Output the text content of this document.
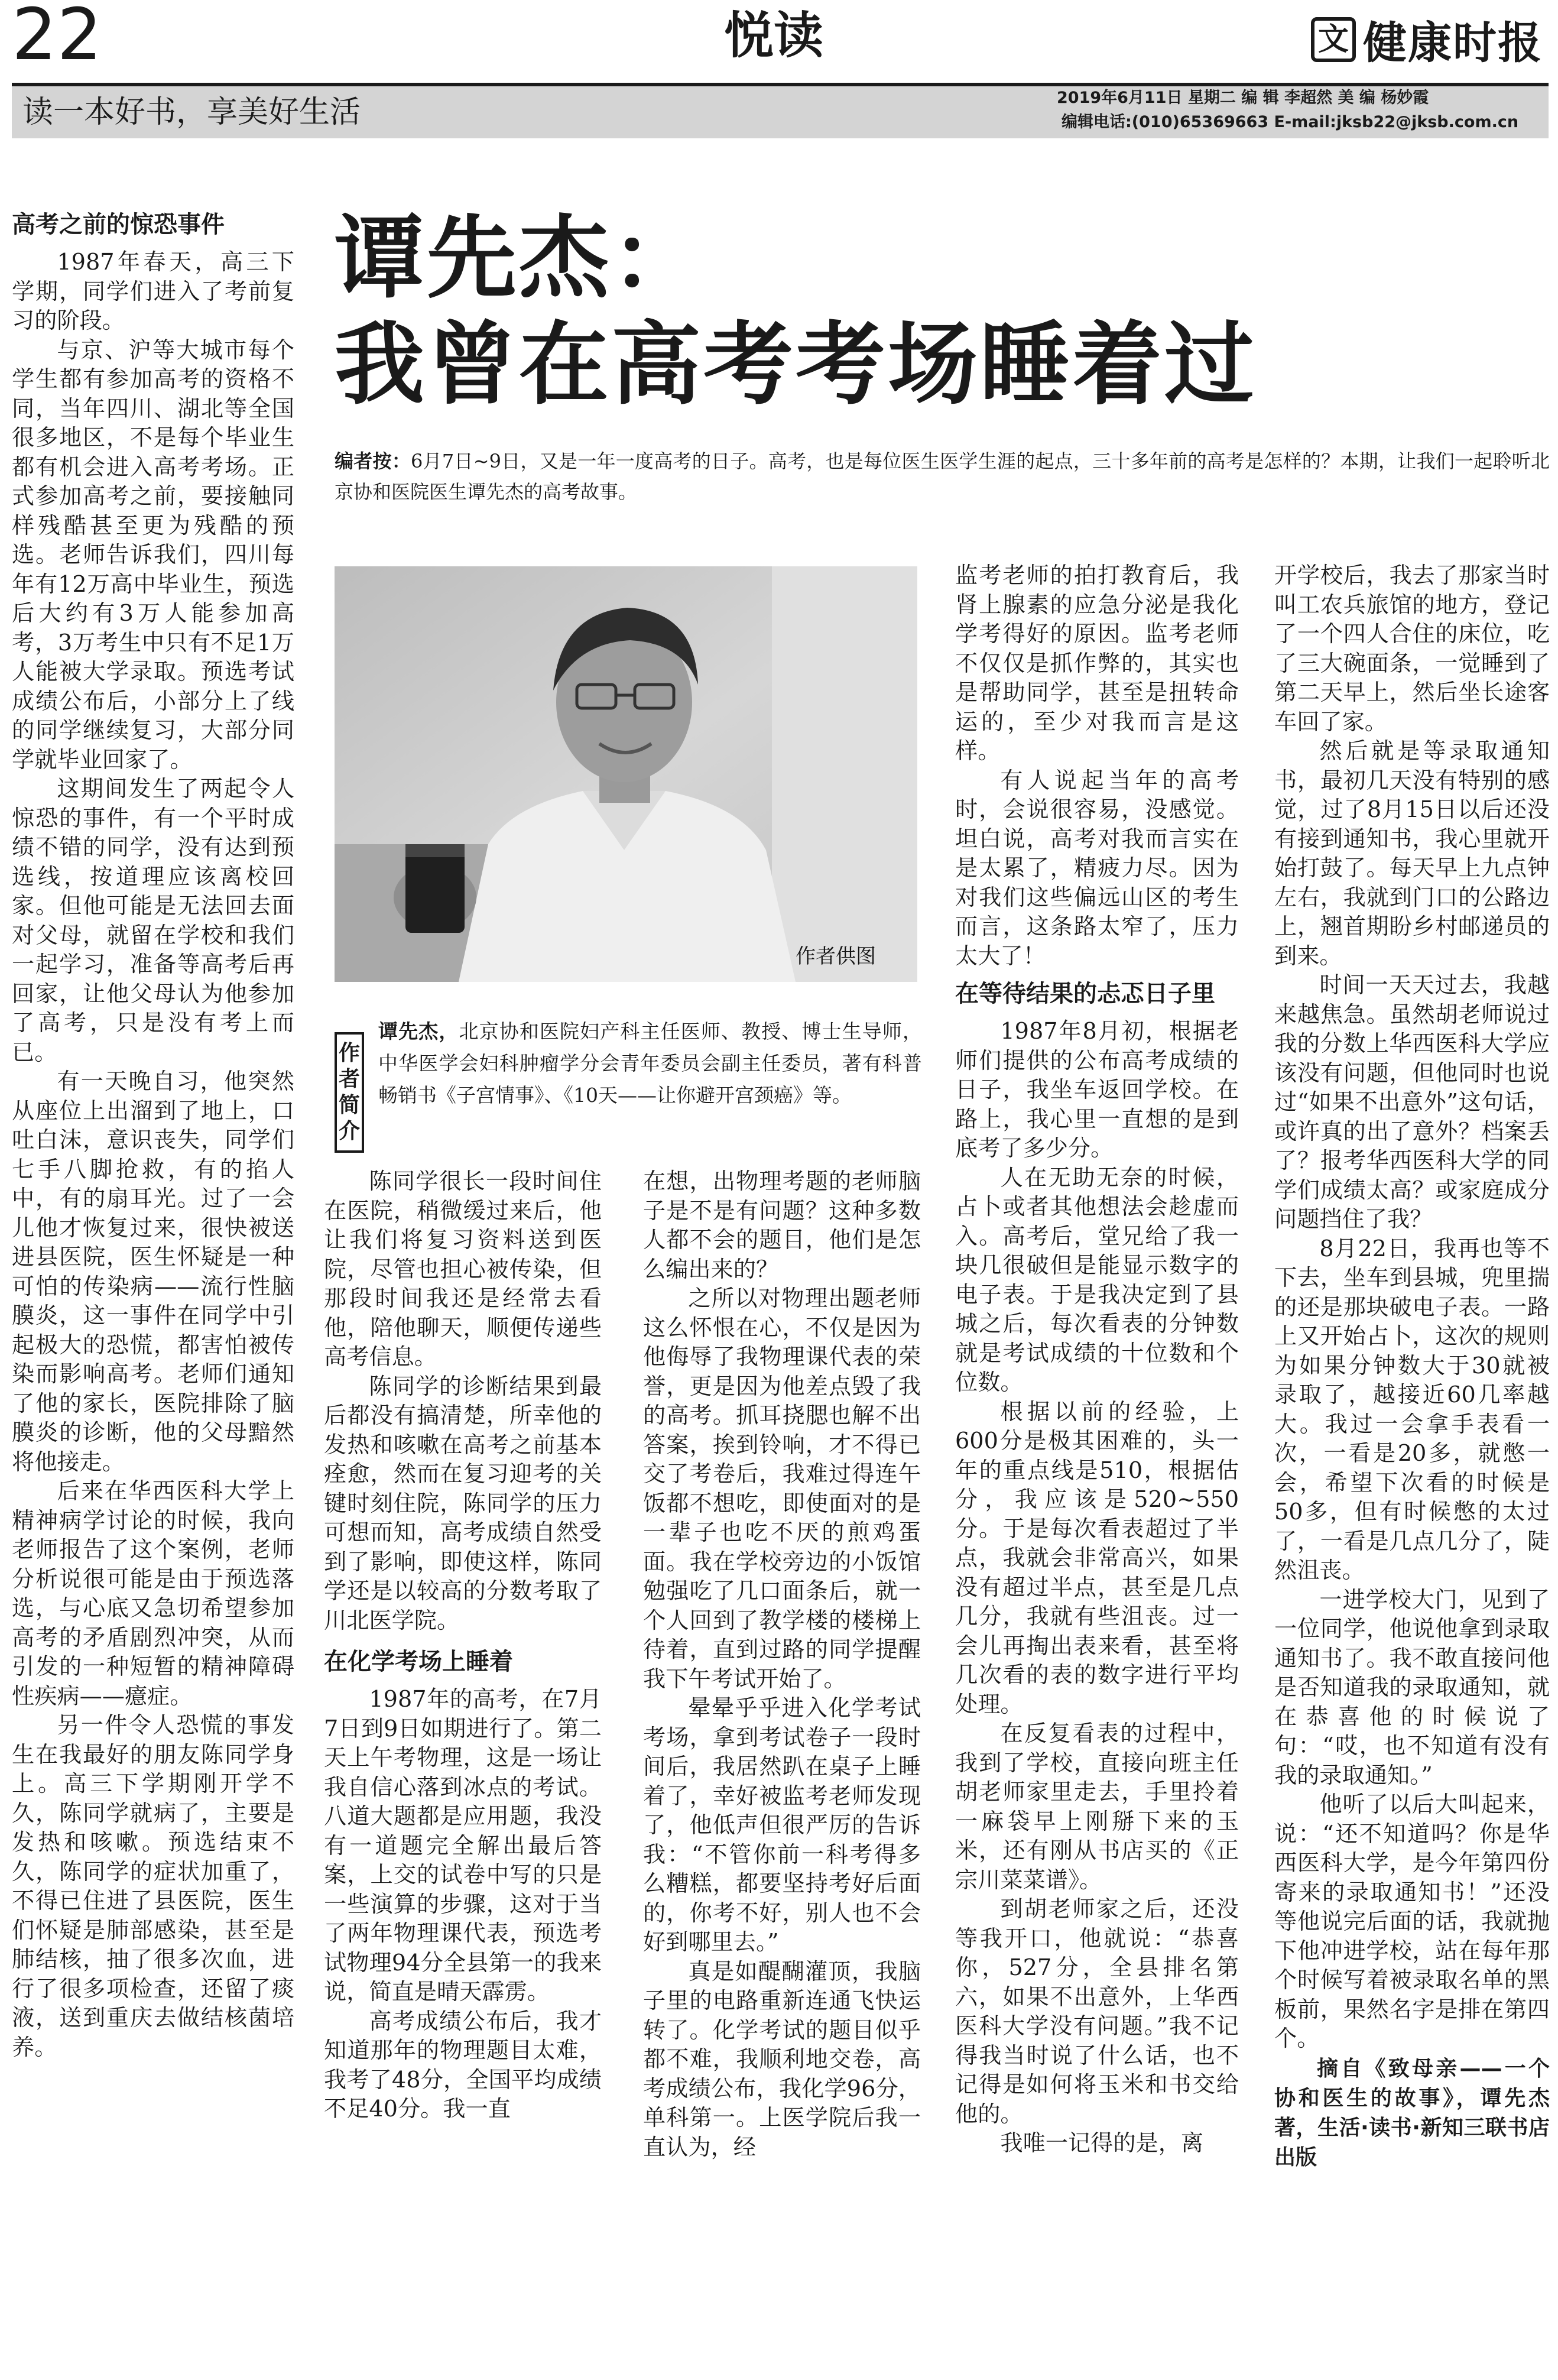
22	悦读	文 健康时报
读一本好书，享美好生活	2019年6月11日 星期二 编 辑 李超然 美 编 杨妙霞
编辑电话:(010)65369663 E-mail:jksb22@jksb.com.cn
高考之前的惊恐事件

1987年春天，高三下学期，同学们进入了考前复习的阶段。

与京、沪等大城市每个学生都有参加高考的资格不同，当年四川、湖北等全国很多地区，不是每个毕业生都有机会进入高考考场。正式参加高考之前，要接触同样残酷甚至更为残酷的预选。老师告诉我们，四川每年有12万高中毕业生，预选后大约有3万人能参加高考，3万考生中只有不足1万人能被大学录取。预选考试成绩公布后，小部分上了线的同学继续复习，大部分同学就毕业回家了。

这期间发生了两起令人惊恐的事件，有一个平时成绩不错的同学，没有达到预选线，按道理应该离校回家。但他可能是无法回去面对父母，就留在学校和我们一起学习，准备等高考后再回家，让他父母认为他参加了高考，只是没有考上而已。

有一天晚自习，他突然从座位上出溜到了地上，口吐白沫，意识丧失，同学们七手八脚抢救，有的掐人中，有的扇耳光。过了一会儿他才恢复过来，很快被送进县医院，医生怀疑是一种可怕的传染病——流行性脑膜炎，这一事件在同学中引起极大的恐慌，都害怕被传染而影响高考。老师们通知了他的家长，医院排除了脑膜炎的诊断，他的父母黯然将他接走。

后来在华西医科大学上精神病学讨论的时候，我向老师报告了这个案例，老师分析说很可能是由于预选落选，与心底又急切希望参加高考的矛盾剧烈冲突，从而引发的一种短暂的精神障碍性疾病——癔症。

另一件令人恐慌的事发生在我最好的朋友陈同学身上。高三下学期刚开学不久，陈同学就病了，主要是发热和咳嗽。预选结束不久，陈同学的症状加重了，不得已住进了县医院，医生们怀疑是肺部感染，甚至是肺结核，抽了很多次血，进行了很多项检查，还留了痰液，送到重庆去做结核菌培养。

谭先杰：
我曾在高考考场睡着过
编者按：6月7日~9日，又是一年一度高考的日子。高考，也是每位医生医学生涯的起点，三十多年前的高考是怎样的？本期，让我们一起聆听北京协和医院医生谭先杰的高考故事。
作者供图
作者简介
谭先杰，北京协和医院妇产科主任医师、教授、博士生导师，中华医学会妇科肿瘤学分会青年委员会副主任委员，著有科普畅销书《子宫情事》、《10天——让你避开宫颈癌》等。

陈同学很长一段时间住在医院，稍微缓过来后，他让我们将复习资料送到医院，尽管也担心被传染，但那段时间我还是经常去看他，陪他聊天，顺便传递些高考信息。

陈同学的诊断结果到最后都没有搞清楚，所幸他的发热和咳嗽在高考之前基本痊愈，然而在复习迎考的关键时刻住院，陈同学的压力可想而知，高考成绩自然受到了影响，即使这样，陈同学还是以较高的分数考取了川北医学院。

在化学考场上睡着

1987年的高考，在7月7日到9日如期进行了。第二天上午考物理，这是一场让我自信心落到冰点的考试。八道大题都是应用题，我没有一道题完全解出最后答案，上交的试卷中写的只是一些演算的步骤，这对于当了两年物理课代表，预选考试物理94分全县第一的我来说，简直是晴天霹雳。

高考成绩公布后，我才知道那年的物理题目太难，我考了48分，全国平均成绩不足40分。我一直

在想，出物理考题的老师脑子是不是有问题？这种多数人都不会的题目，他们是怎么编出来的？

之所以对物理出题老师这么怀恨在心，不仅是因为他侮辱了我物理课代表的荣誉，更是因为他差点毁了我的高考。抓耳挠腮也解不出答案，挨到铃响，才不得已交了考卷后，我难过得连午饭都不想吃，即使面对的是一辈子也吃不厌的煎鸡蛋面。我在学校旁边的小饭馆勉强吃了几口面条后，就一个人回到了教学楼的楼梯上待着，直到过路的同学提醒我下午考试开始了。

晕晕乎乎进入化学考试考场，拿到考试卷子一段时间后，我居然趴在桌子上睡着了，幸好被监考老师发现了，他低声但很严厉的告诉我：“不管你前一科考得多么糟糕，都要坚持考好后面的，你考不好，别人也不会好到哪里去。”

真是如醍醐灌顶，我脑子里的电路重新连通飞快运转了。化学考试的题目似乎都不难，我顺利地交卷，高考成绩公布，我化学96分，单科第一。上医学院后我一直认为，经

监考老师的拍打教育后，我肾上腺素的应急分泌是我化学考得好的原因。监考老师不仅仅是抓作弊的，其实也是帮助同学，甚至是扭转命运的，至少对我而言是这样。

有人说起当年的高考时，会说很容易，没感觉。坦白说，高考对我而言实在是太累了，精疲力尽。因为对我们这些偏远山区的考生而言，这条路太窄了，压力太大了！

在等待结果的忐忑日子里

1987年8月初，根据老师们提供的公布高考成绩的日子，我坐车返回学校。在路上，我心里一直想的是到底考了多少分。

人在无助无奈的时候，占卜或者其他想法会趁虚而入。高考后，堂兄给了我一块几很破但是能显示数字的电子表。于是我决定到了县城之后，每次看表的分钟数就是考试成绩的十位数和个位数。

根据以前的经验，上600分是极其困难的，头一年的重点线是510，根据估分，我应该是520~550分。于是每次看表超过了半点，我就会非常高兴，如果没有超过半点，甚至是几点几分，我就有些沮丧。过一会儿再掏出表来看，甚至将几次看的表的数字进行平均处理。

在反复看表的过程中，我到了学校，直接向班主任胡老师家里走去，手里拎着一麻袋早上刚掰下来的玉米，还有刚从书店买的《正宗川菜菜谱》。

到胡老师家之后，还没等我开口，他就说：“恭喜你，527分，全县排名第六，如果不出意外，上华西医科大学没有问题。”我不记得我当时说了什么话，也不记得是如何将玉米和书交给他的。

我唯一记得的是，离

开学校后，我去了那家当时叫工农兵旅馆的地方，登记了一个四人合住的床位，吃了三大碗面条，一觉睡到了第二天早上，然后坐长途客车回了家。

然后就是等录取通知书，最初几天没有特别的感觉，过了8月15日以后还没有接到通知书，我心里就开始打鼓了。每天早上九点钟左右，我就到门口的公路边上，翘首期盼乡村邮递员的到来。

时间一天天过去，我越来越焦急。虽然胡老师说过我的分数上华西医科大学应该没有问题，但他同时也说过“如果不出意外”这句话，或许真的出了意外？档案丢了？报考华西医科大学的同学们成绩太高？或家庭成分问题挡住了我？

8月22日，我再也等不下去，坐车到县城，兜里揣的还是那块破电子表。一路上又开始占卜，这次的规则为如果分钟数大于30就被录取了，越接近60几率越大。我过一会拿手表看一次，一看是20多，就憋一会，希望下次看的时候是50多，但有时候憋的太过了，一看是几点几分了，陡然沮丧。

一进学校大门，见到了一位同学，他说他拿到录取通知书了。我不敢直接问他是否知道我的录取通知，就在恭喜他的时候说了句：“哎，也不知道有没有我的录取通知。”

他听了以后大叫起来，说：“还不知道吗？你是华西医科大学，是今年第四份寄来的录取通知书！”还没等他说完后面的话，我就抛下他冲进学校，站在每年那个时候写着被录取名单的黑板前，果然名字是排在第四个。

摘自《致母亲——一个协和医生的故事》，谭先杰著，生活·读书·新知三联书店出版
